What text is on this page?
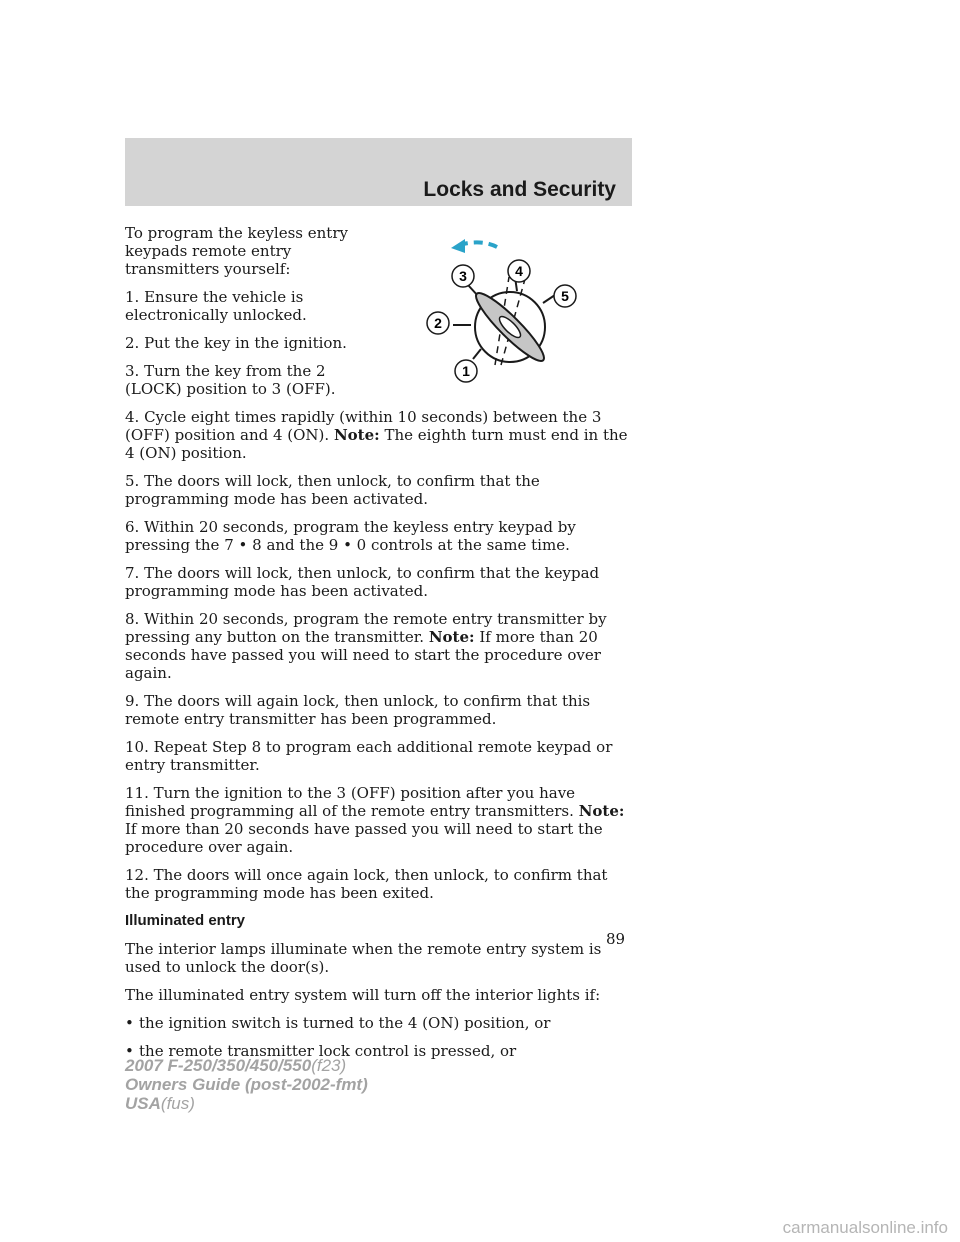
Locks and Security
4
3
5
2
1

To program the keyless entry keypads remote entry transmitters yourself:

1. Ensure the vehicle is electronically unlocked.

2. Put the key in the ignition.

3. Turn the key from the 2 (LOCK) position to 3 (OFF).

4. Cycle eight times rapidly (within 10 seconds) between the 3 (OFF) position and 4 (ON). Note: The eighth turn must end in the 4 (ON) position.

5. The doors will lock, then unlock, to confirm that the programming mode has been activated.

6. Within 20 seconds, program the keyless entry keypad by pressing the 7 • 8 and the 9 • 0 controls at the same time.

7. The doors will lock, then unlock, to confirm that the keypad programming mode has been activated.

8. Within 20 seconds, program the remote entry transmitter by pressing any button on the transmitter. Note: If more than 20 seconds have passed you will need to start the procedure over again.

9. The doors will again lock, then unlock, to confirm that this remote entry transmitter has been programmed.

10. Repeat Step 8 to program each additional remote keypad or entry transmitter.

11. Turn the ignition to the 3 (OFF) position after you have finished programming all of the remote entry transmitters. Note: If more than 20 seconds have passed you will need to start the procedure over again.

12. The doors will once again lock, then unlock, to confirm that the programming mode has been exited.

Illuminated entry

The interior lamps illuminate when the remote entry system is used to unlock the door(s).

The illuminated entry system will turn off the interior lights if:

• the ignition switch is turned to the 4 (ON) position, or
• the remote transmitter lock control is pressed, or
89
2007 F-250/350/450/550(f23)
Owners Guide (post-2002-fmt)
USA(fus)
carmanualsonline.info
